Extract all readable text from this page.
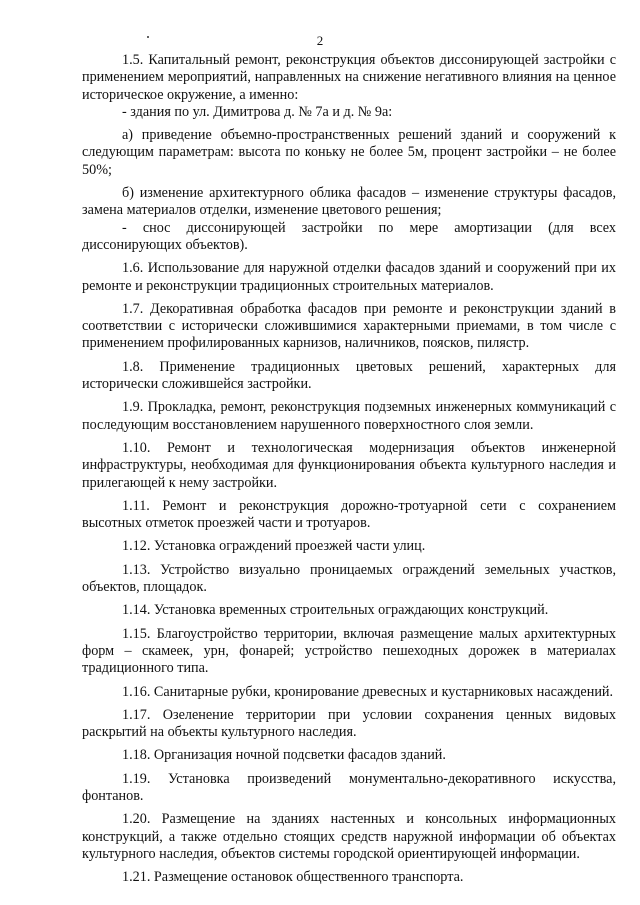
2

1.5. Капитальный ремонт, реконструкция объектов диссонирующей застройки с применением мероприятий, направленных на снижение негативного влияния на ценное историческое окружение, а именно:

- здания по ул. Димитрова д. № 7а и д. № 9а:

а) приведение объемно-пространственных решений зданий и сооружений к следующим параметрам: высота по коньку не более 5м, процент застройки – не более 50%;

б) изменение архитектурного облика фасадов – изменение структуры фасадов, замена материалов отделки, изменение цветового решения;

- снос диссонирующей застройки по мере амортизации (для всех диссонирующих объектов).

1.6. Использование для наружной отделки фасадов зданий и сооружений при их ремонте и реконструкции традиционных строительных материалов.

1.7. Декоративная обработка фасадов при ремонте и реконструкции зданий в соответствии с исторически сложившимися характерными приемами, в том числе с применением профилированных карнизов, наличников, поясков, пилястр.

1.8. Применение традиционных цветовых решений, характерных для исторически сложившейся застройки.

1.9. Прокладка, ремонт, реконструкция подземных инженерных коммуникаций с последующим восстановлением нарушенного поверхностного слоя земли.

1.10. Ремонт и технологическая модернизация объектов инженерной инфраструктуры, необходимая для функционирования объекта культурного наследия и прилегающей к нему застройки.

1.11. Ремонт и реконструкция дорожно-тротуарной сети с сохранением высотных отметок проезжей части и тротуаров.

1.12. Установка ограждений проезжей части улиц.

1.13. Устройство визуально проницаемых ограждений земельных участков, объектов, площадок.

1.14. Установка временных строительных ограждающих конструкций.

1.15. Благоустройство территории, включая размещение малых архитектурных форм – скамеек, урн, фонарей; устройство пешеходных дорожек в материалах традиционного типа.

1.16. Санитарные рубки, кронирование древесных и кустарниковых насаждений.

1.17. Озеленение территории при условии сохранения ценных видовых раскрытий на объекты культурного наследия.

1.18. Организация ночной подсветки фасадов зданий.

1.19. Установка произведений монументально-декоративного искусства, фонтанов.

1.20. Размещение на зданиях настенных и консольных информационных конструкций, а также отдельно стоящих средств наружной информации об объектах культурного наследия, объектов системы городской ориентирующей информации.

1.21. Размещение остановок общественного транспорта.
